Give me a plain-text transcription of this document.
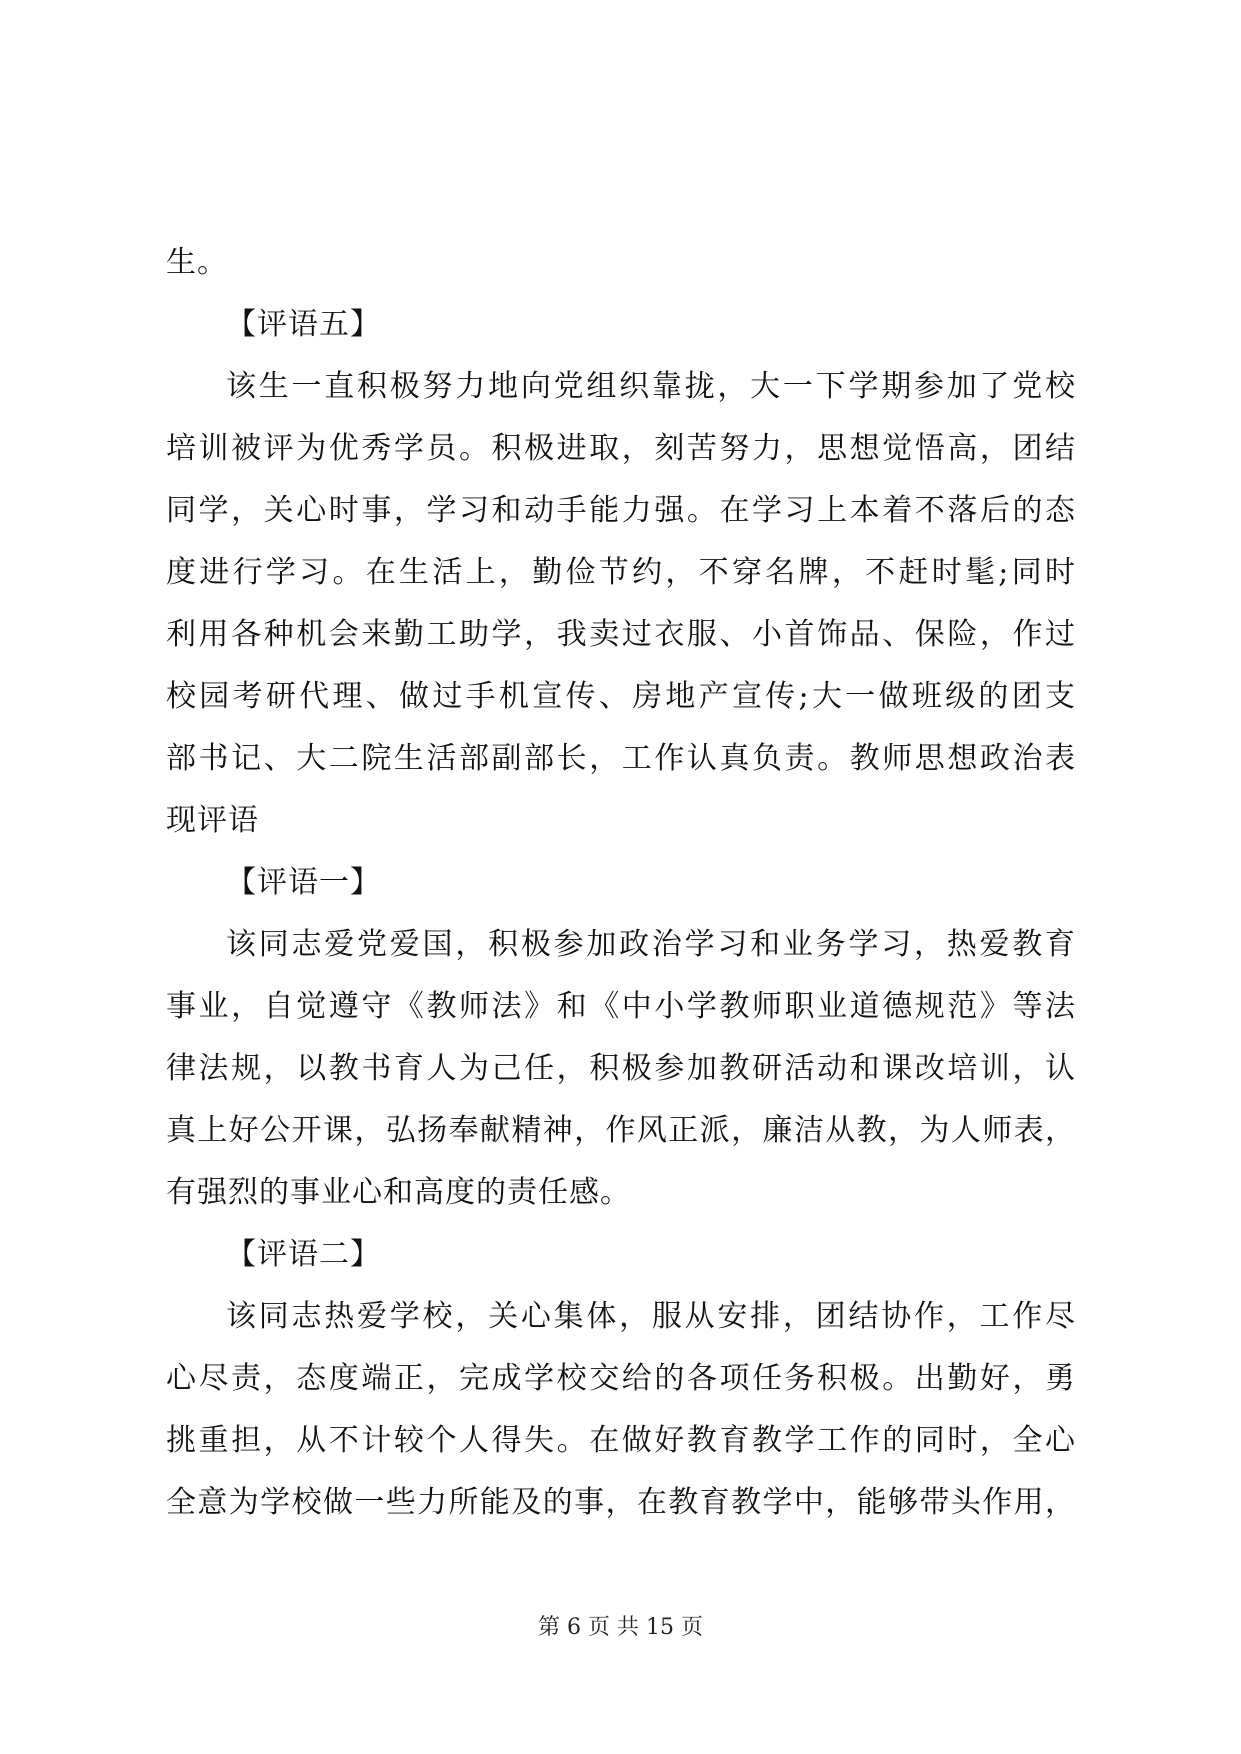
生。
【评语五】
该生一直积极努力地向党组织靠拢，大一下学期参加了党校
培训被评为优秀学员。积极进取，刻苦努力，思想觉悟高，团结
同学，关心时事，学习和动手能力强。在学习上本着不落后的态
度进行学习。在生活上，勤俭节约，不穿名牌，不赶时髦;同时
利用各种机会来勤工助学，我卖过衣服、小首饰品、保险，作过
校园考研代理、做过手机宣传、房地产宣传;大一做班级的团支
部书记、大二院生活部副部长，工作认真负责。教师思想政治表
现评语
【评语一】
该同志爱党爱国，积极参加政治学习和业务学习，热爱教育
事业，自觉遵守《教师法》和《中小学教师职业道德规范》等法
律法规，以教书育人为己任，积极参加教研活动和课改培训，认
真上好公开课，弘扬奉献精神，作风正派，廉洁从教，为人师表，
有强烈的事业心和高度的责任感。
【评语二】
该同志热爱学校，关心集体，服从安排，团结协作，工作尽
心尽责，态度端正，完成学校交给的各项任务积极。出勤好，勇
挑重担，从不计较个人得失。在做好教育教学工作的同时，全心
全意为学校做一些力所能及的事，在教育教学中，能够带头作用，
第 6 页 共 15 页
